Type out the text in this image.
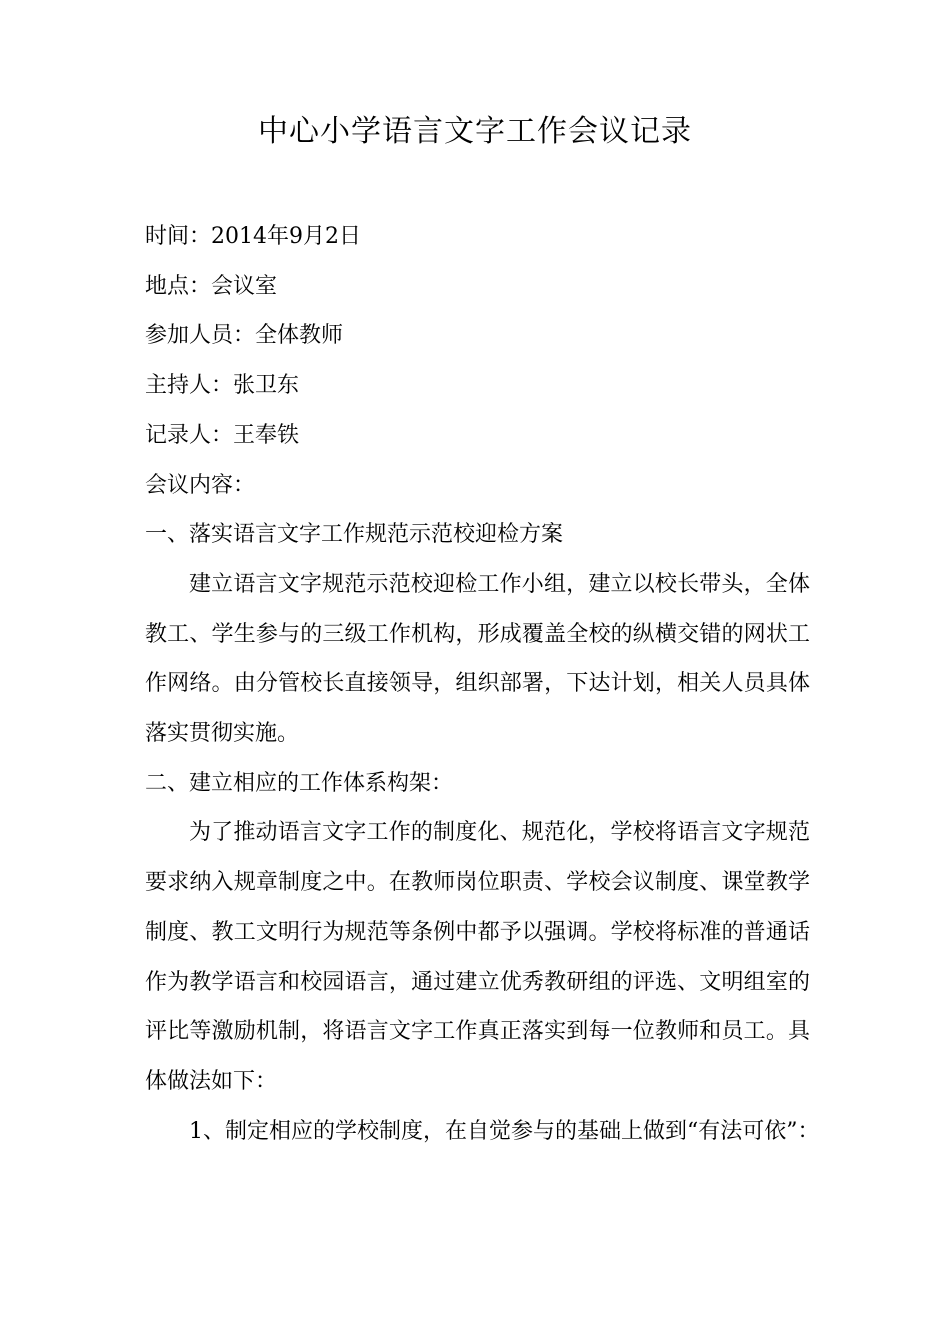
中心小学语言文字工作会议记录

时间：2014年9月2日

地点：会议室

参加人员：全体教师

主持人：张卫东

记录人：王奉铁

会议内容：

一、落实语言文字工作规范示范校迎检方案

建立语言文字规范示范校迎检工作小组，建立以校长带头，全体教工、学生参与的三级工作机构，形成覆盖全校的纵横交错的网状工作网络。由分管校长直接领导，组织部署，下达计划，相关人员具体落实贯彻实施。

二、建立相应的工作体系构架：

为了推动语言文字工作的制度化、规范化，学校将语言文字规范要求纳入规章制度之中。在教师岗位职责、学校会议制度、课堂教学制度、教工文明行为规范等条例中都予以强调。学校将标准的普通话作为教学语言和校园语言，通过建立优秀教研组的评选、文明组室的评比等激励机制，将语言文字工作真正落实到每一位教师和员工。具体做法如下：

1、制定相应的学校制度，在自觉参与的基础上做到“有法可依”：
